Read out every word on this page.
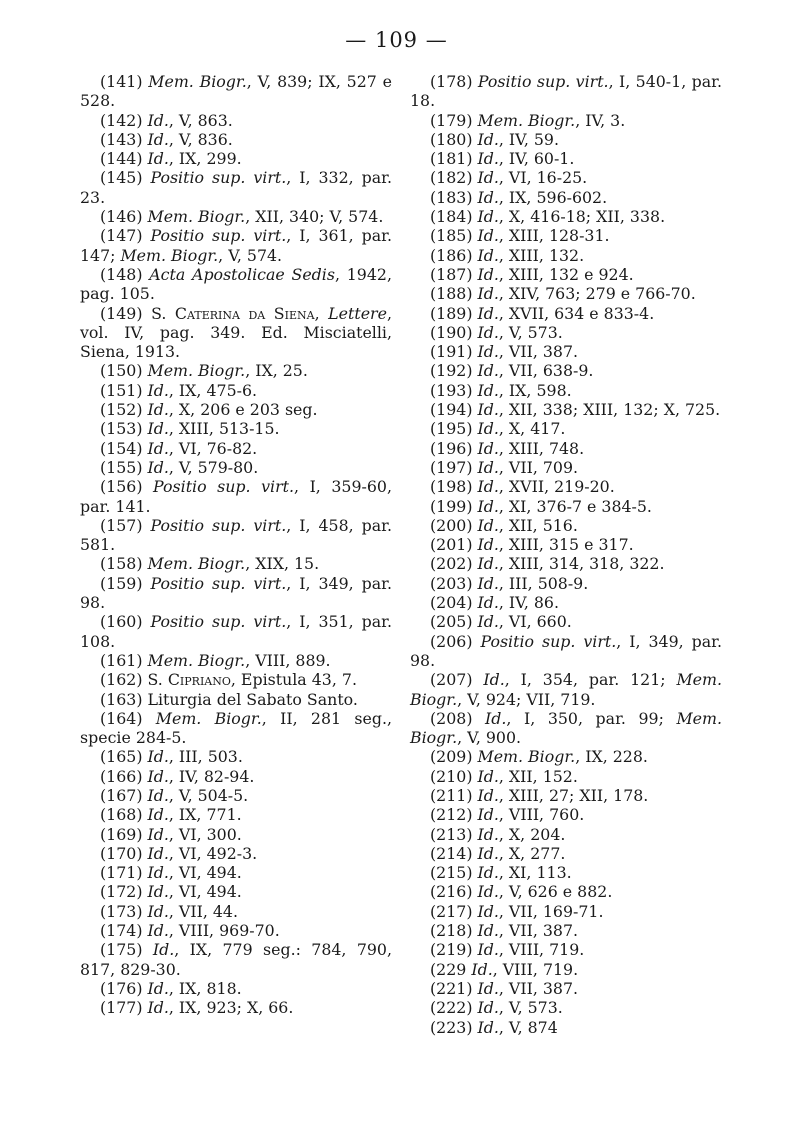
— 109 —

(141) Mem. Biogr., V, 839; IX, 527 e 528.

(142) Id., V, 863.

(143) Id., V, 836.

(144) Id., IX, 299.

(145) Positio sup. virt., I, 332, par. 23.

(146) Mem. Biogr., XII, 340; V, 574.

(147) Positio sup. virt., I, 361, par. 147; Mem. Biogr., V, 574.

(148) Acta Apostolicae Sedis, 1942, pag. 105.

(149) S. Caterina da Siena, Lettere, vol. IV, pag. 349. Ed. Misciatelli, Siena, 1913.

(150) Mem. Biogr., IX, 25.

(151) Id., IX, 475-6.

(152) Id., X, 206 e 203 seg.

(153) Id., XIII, 513-15.

(154) Id., VI, 76-82.

(155) Id., V, 579-80.

(156) Positio sup. virt., I, 359-60, par. 141.

(157) Positio sup. virt., I, 458, par. 581.

(158) Mem. Biogr., XIX, 15.

(159) Positio sup. virt., I, 349, par. 98.

(160) Positio sup. virt., I, 351, par. 108.

(161) Mem. Biogr., VIII, 889.

(162) S. Cipriano, Epistula 43, 7.

(163) Liturgia del Sabato Santo.

(164) Mem. Biogr., II, 281 seg., specie 284-5.

(165) Id., III, 503.

(166) Id., IV, 82-94.

(167) Id., V, 504-5.

(168) Id., IX, 771.

(169) Id., VI, 300.

(170) Id., VI, 492-3.

(171) Id., VI, 494.

(172) Id., VI, 494.

(173) Id., VII, 44.

(174) Id., VIII, 969-70.

(175) Id., IX, 779 seg.: 784, 790, 817, 829-30.

(176) Id., IX, 818.

(177) Id., IX, 923; X, 66.

(178) Positio sup. virt., I, 540-1, par. 18.

(179) Mem. Biogr., IV, 3.

(180) Id., IV, 59.

(181) Id., IV, 60-1.

(182) Id., VI, 16-25.

(183) Id., IX, 596-602.

(184) Id., X, 416-18; XII, 338.

(185) Id., XIII, 128-31.

(186) Id., XIII, 132.

(187) Id., XIII, 132 e 924.

(188) Id., XIV, 763; 279 e 766-70.

(189) Id., XVII, 634 e 833-4.

(190) Id., V, 573.

(191) Id., VII, 387.

(192) Id., VII, 638-9.

(193) Id., IX, 598.

(194) Id., XII, 338; XIII, 132; X, 725.

(195) Id., X, 417.

(196) Id., XIII, 748.

(197) Id., VII, 709.

(198) Id., XVII, 219-20.

(199) Id., XI, 376-7 e 384-5.

(200) Id., XII, 516.

(201) Id., XIII, 315 e 317.

(202) Id., XIII, 314, 318, 322.

(203) Id., III, 508-9.

(204) Id., IV, 86.

(205) Id., VI, 660.

(206) Positio sup. virt., I, 349, par. 98.

(207) Id., I, 354, par. 121; Mem. Biogr., V, 924; VII, 719.

(208) Id., I, 350, par. 99; Mem. Biogr., V, 900.

(209) Mem. Biogr., IX, 228.

(210) Id., XII, 152.

(211) Id., XIII, 27; XII, 178.

(212) Id., VIII, 760.

(213) Id., X, 204.

(214) Id., X, 277.

(215) Id., XI, 113.

(216) Id., V, 626 e 882.

(217) Id., VII, 169-71.

(218) Id., VII, 387.

(219) Id., VIII, 719.

(229 Id., VIII, 719.

(221) Id., VII, 387.

(222) Id., V, 573.

(223) Id., V, 874
